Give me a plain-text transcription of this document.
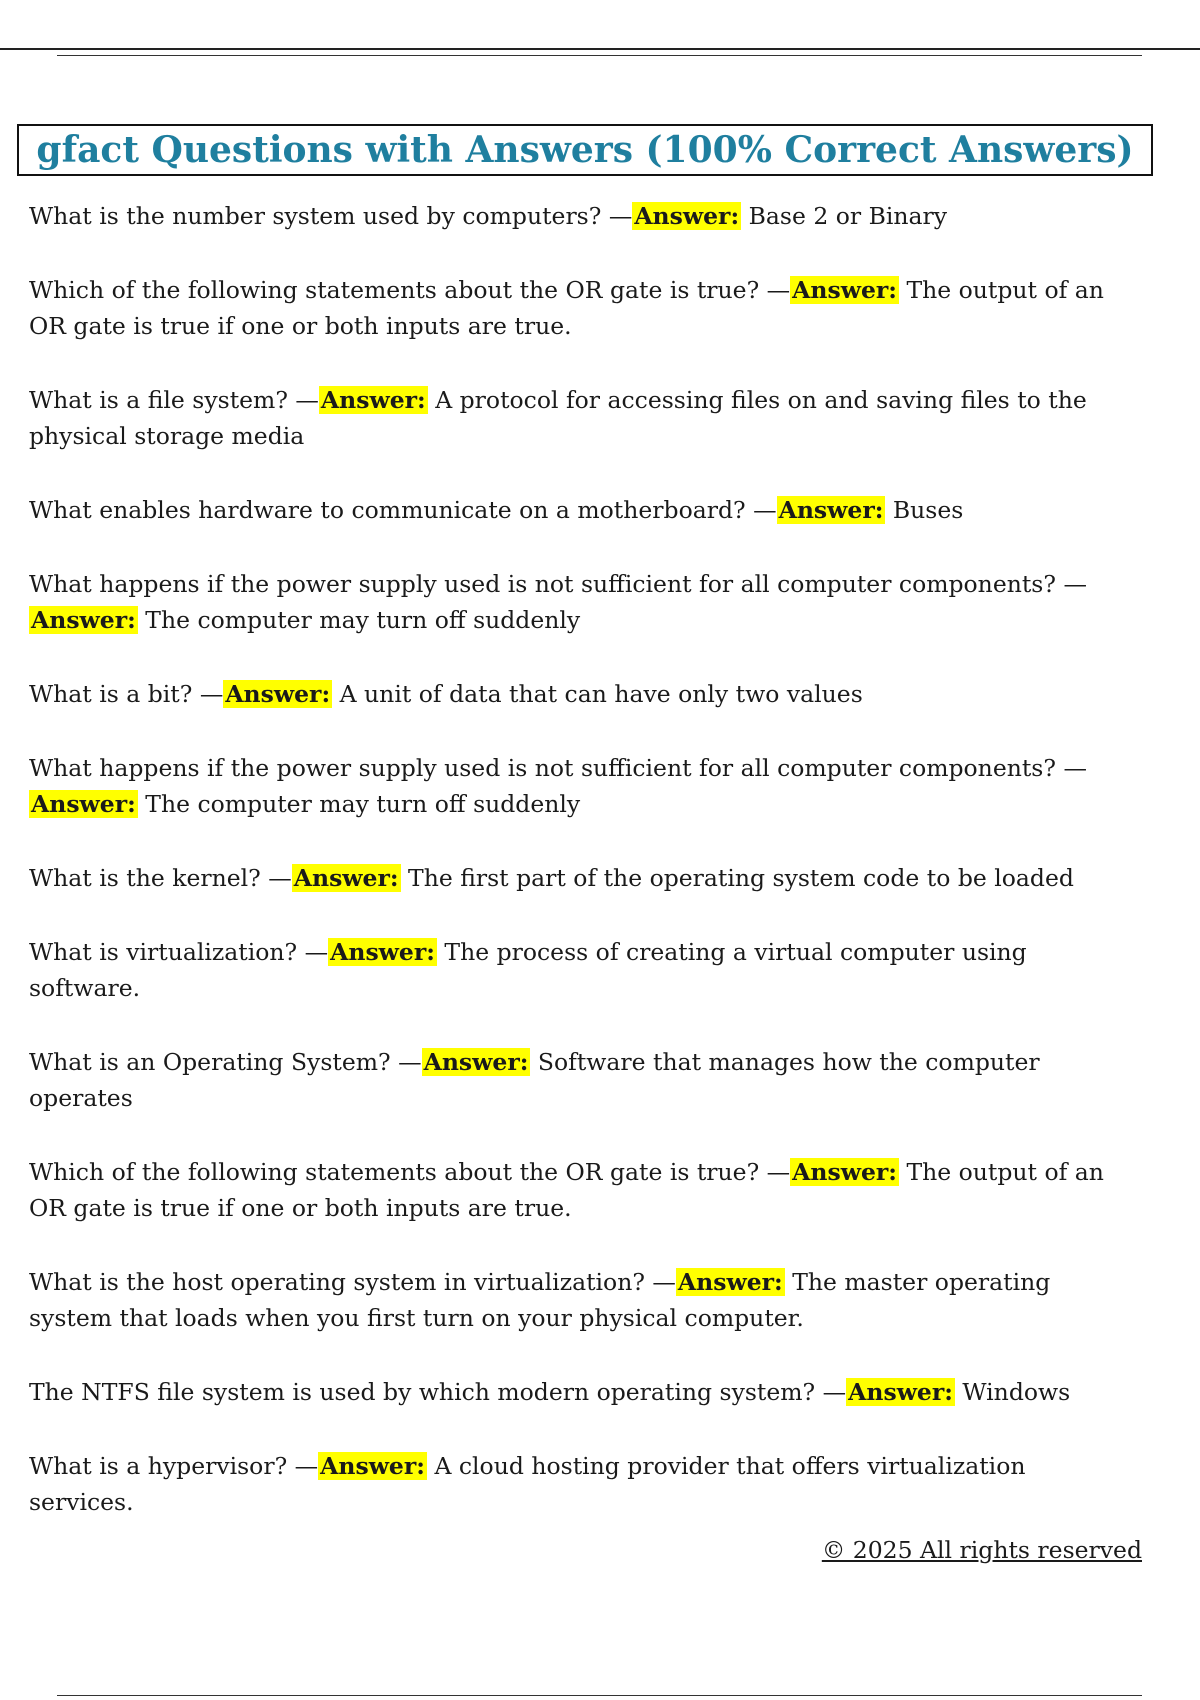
gfact Questions with Answers (100% Correct Answers)
What is the number system used by computers? —Answer: Base 2 or Binary
Which of the following statements about the OR gate is true? —Answer: The output of an OR gate is true if one or both inputs are true.
What is a file system? —Answer: A protocol for accessing files on and saving files to the physical storage media
What enables hardware to communicate on a motherboard? —Answer: Buses
What happens if the power supply used is not sufficient for all computer components? —Answer: The computer may turn off suddenly
What is a bit? —Answer: A unit of data that can have only two values
What happens if the power supply used is not sufficient for all computer components? —Answer: The computer may turn off suddenly
What is the kernel? —Answer: The first part of the operating system code to be loaded
What is virtualization? —Answer: The process of creating a virtual computer using software.
What is an Operating System? —Answer: Software that manages how the computer operates
Which of the following statements about the OR gate is true? —Answer: The output of an OR gate is true if one or both inputs are true.
What is the host operating system in virtualization? —Answer: The master operating system that loads when you first turn on your physical computer.
The NTFS file system is used by which modern operating system? —Answer: Windows
What is a hypervisor? —Answer: A cloud hosting provider that offers virtualization services.
© 2025 All rights reserved
